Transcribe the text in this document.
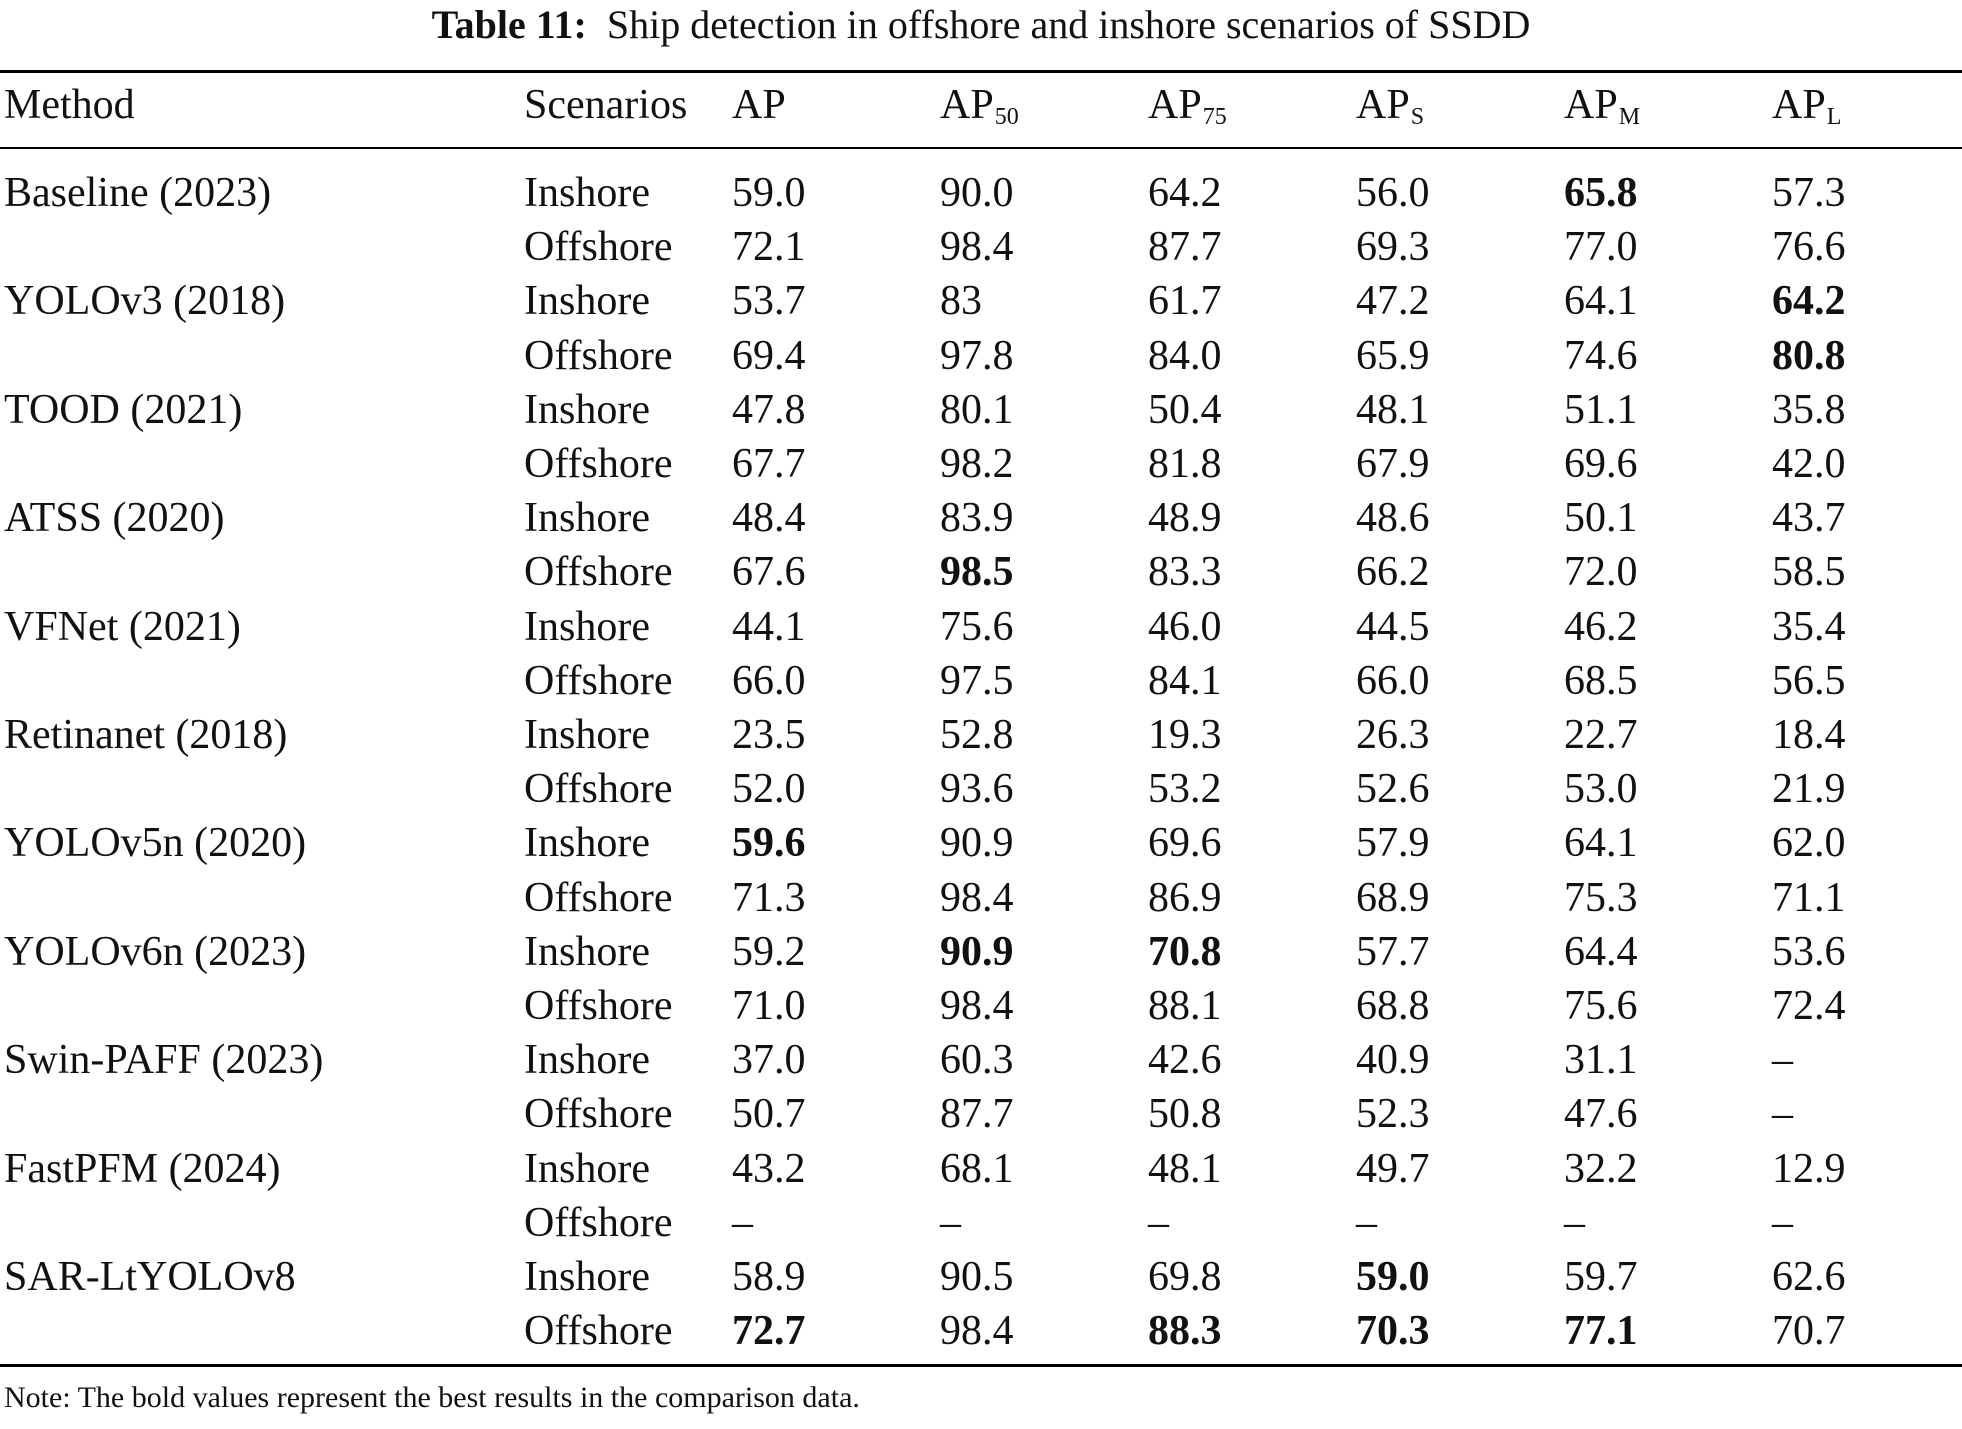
Table 11: Ship detection in offshore and inshore scenarios of SSDD
Method	Scenarios AP	$AP_{50}$	$AP_{75}$	$AP_S$	$AP_M$	$AP_L$
Baseline (2023)	Inshore 59.0	90.0	64.2	56.0	65.8	57.3
Offshore 72.1	98.4	87.7	69.3	77.0	76.6
YOLOv3 (2018)	Inshore 53.7	83	61.7	47.2	64.1	64.2
Offshore 69.4	97.8	84.0	65.9	74.6	80.8
TOOD (2021)	Inshore 47.8	80.1	50.4	48.1	51.1	35.8
Offshore 67.7	98.2	81.8	67.9	69.6	42.0
ATSS (2020)	Inshore 48.4	83.9	48.9	48.6	50.1	43.7
Offshore 67.6	98.5	83.3	66.2	72.0	58.5
VFNet (2021)	Inshore 44.1	75.6	46.0	44.5	46.2	35.4
Offshore 66.0	97.5	84.1	66.0	68.5	56.5
Retinanet (2018)	Inshore 23.5	52.8	19.3	26.3	22.7	18.4
Offshore 52.0	93.6	53.2	52.6	53.0	21.9
YOLOv5n (2020)	Inshore 59.6	90.9	69.6	57.9	64.1	62.0
Offshore 71.3	98.4	86.9	68.9	75.3	71.1
YOLOv6n (2023)	Inshore 59.2	90.9	70.8	57.7	64.4	53.6
Offshore 71.0	98.4	88.1	68.8	75.6	72.4
Swin-PAFF (2023)	Inshore 37.0	60.3	42.6	40.9	31.1	–
Offshore 50.7	87.7	50.8	52.3	47.6	–
FastPFM (2024)	Inshore 43.2	68.1	48.1	49.7	32.2	12.9
Offshore –	–	–	–	–	–
SAR-LtYOLOv8	Inshore 58.9	90.5	69.8	59.0	59.7	62.6
Offshore 72.7	98.4	88.3	70.3	77.1	70.7
Note: The bold values represent the best results in the comparison data.
